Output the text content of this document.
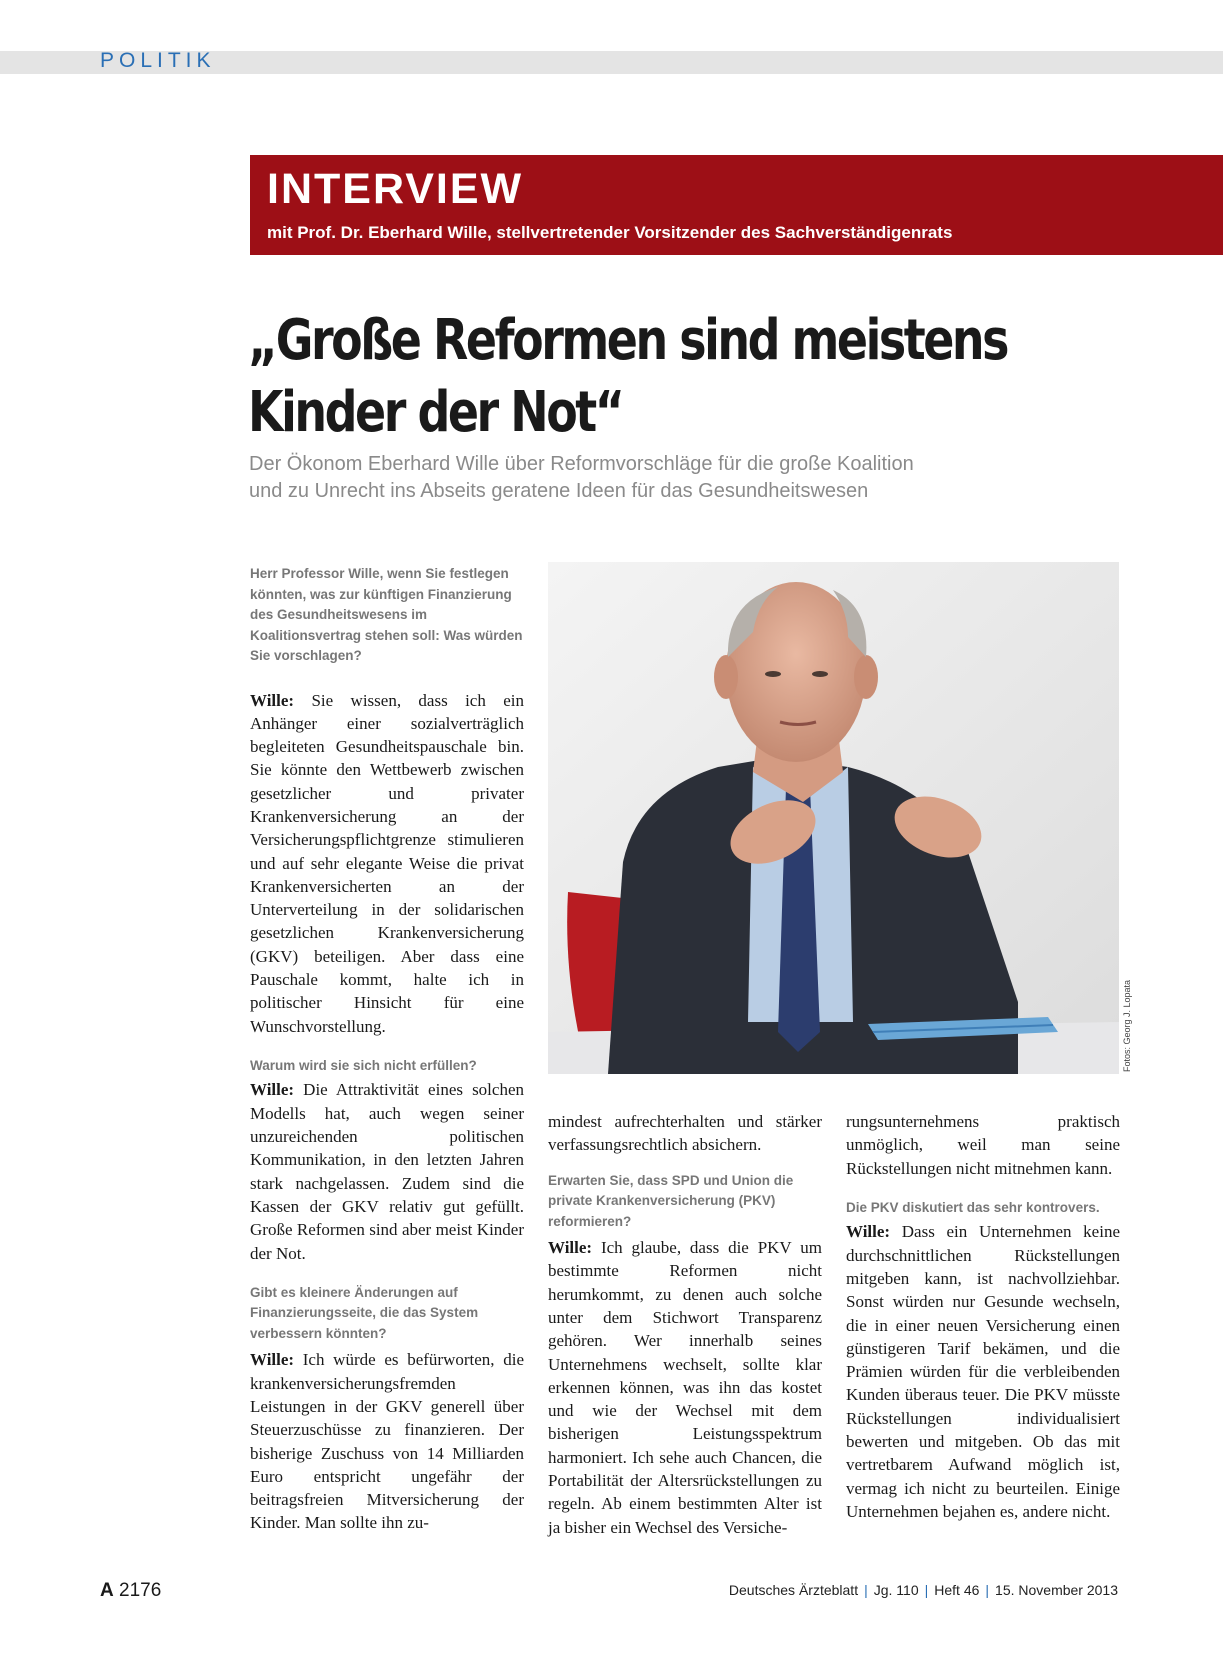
POLITIK
INTERVIEW
mit Prof. Dr. Eberhard Wille, stellvertretender Vorsitzender des Sachverständigenrats
„Große Reformen sind meistens
Kinder der Not“
Der Ökonom Eberhard Wille über Reformvorschläge für die große Koalition
und zu Unrecht ins Abseits geratene Ideen für das Gesundheitswesen

Herr Professor Wille, wenn Sie festlegen könnten, was zur künftigen Finanzierung des Gesundheitswesens im Koalitionsvertrag stehen soll: Was würden Sie vorschlagen?

Wille: Sie wissen, dass ich ein Anhänger einer sozialverträglich begleiteten Gesundheitspauschale bin. Sie könnte den Wettbewerb zwischen gesetzlicher und privater Krankenversicherung an der Versicherungspflichtgrenze stimulieren und auf sehr elegante Weise die privat Krankenversicherten an der Unterverteilung in der solidarischen gesetzlichen Krankenversicherung (GKV) beteiligen. Aber dass eine Pauschale kommt, halte ich in politischer Hinsicht für eine Wunschvorstellung.

Warum wird sie sich nicht erfüllen?

Wille: Die Attraktivität eines solchen Modells hat, auch wegen seiner unzureichenden politischen Kommunikation, in den letzten Jahren stark nachgelassen. Zudem sind die Kassen der GKV relativ gut gefüllt. Große Reformen sind aber meist Kinder der Not.

Gibt es kleinere Änderungen auf Finanzierungsseite, die das System verbessern könnten?

Wille: Ich würde es befürworten, die krankenversicherungsfremden Leistungen in der GKV generell über Steuerzuschüsse zu finanzieren. Der bisherige Zuschuss von 14 Milliarden Euro entspricht ungefähr der beitragsfreien Mitversicherung der Kinder. Man sollte ihn zu-

Fotos: Georg J. Lopata

mindest aufrechterhalten und stärker verfassungsrechtlich absichern.

Erwarten Sie, dass SPD und Union die private Krankenversicherung (PKV) reformieren?

Wille: Ich glaube, dass die PKV um bestimmte Reformen nicht herumkommt, zu denen auch solche unter dem Stichwort Transparenz gehören. Wer innerhalb seines Unternehmens wechselt, sollte klar erkennen können, was ihn das kostet und wie der Wechsel mit dem bisherigen Leistungsspektrum harmoniert. Ich sehe auch Chancen, die Portabilität der Altersrückstellungen zu regeln. Ab einem bestimmten Alter ist ja bisher ein Wechsel des Versiche-

rungsunternehmens praktisch unmöglich, weil man seine Rückstellungen nicht mitnehmen kann.

Die PKV diskutiert das sehr kontrovers.

Wille: Dass ein Unternehmen keine durchschnittlichen Rückstellungen mitgeben kann, ist nachvollziehbar. Sonst würden nur Gesunde wechseln, die in einer neuen Versicherung einen günstigeren Tarif bekämen, und die Prämien würden für die verbleibenden Kunden überaus teuer. Die PKV müsste Rückstellungen individualisiert bewerten und mitgeben. Ob das mit vertretbarem Aufwand möglich ist, vermag ich nicht zu beurteilen. Einige Unternehmen bejahen es, andere nicht.

A 2176	Deutsches Ärzteblatt | Jg. 110 | Heft 46 | 15. November 2013
